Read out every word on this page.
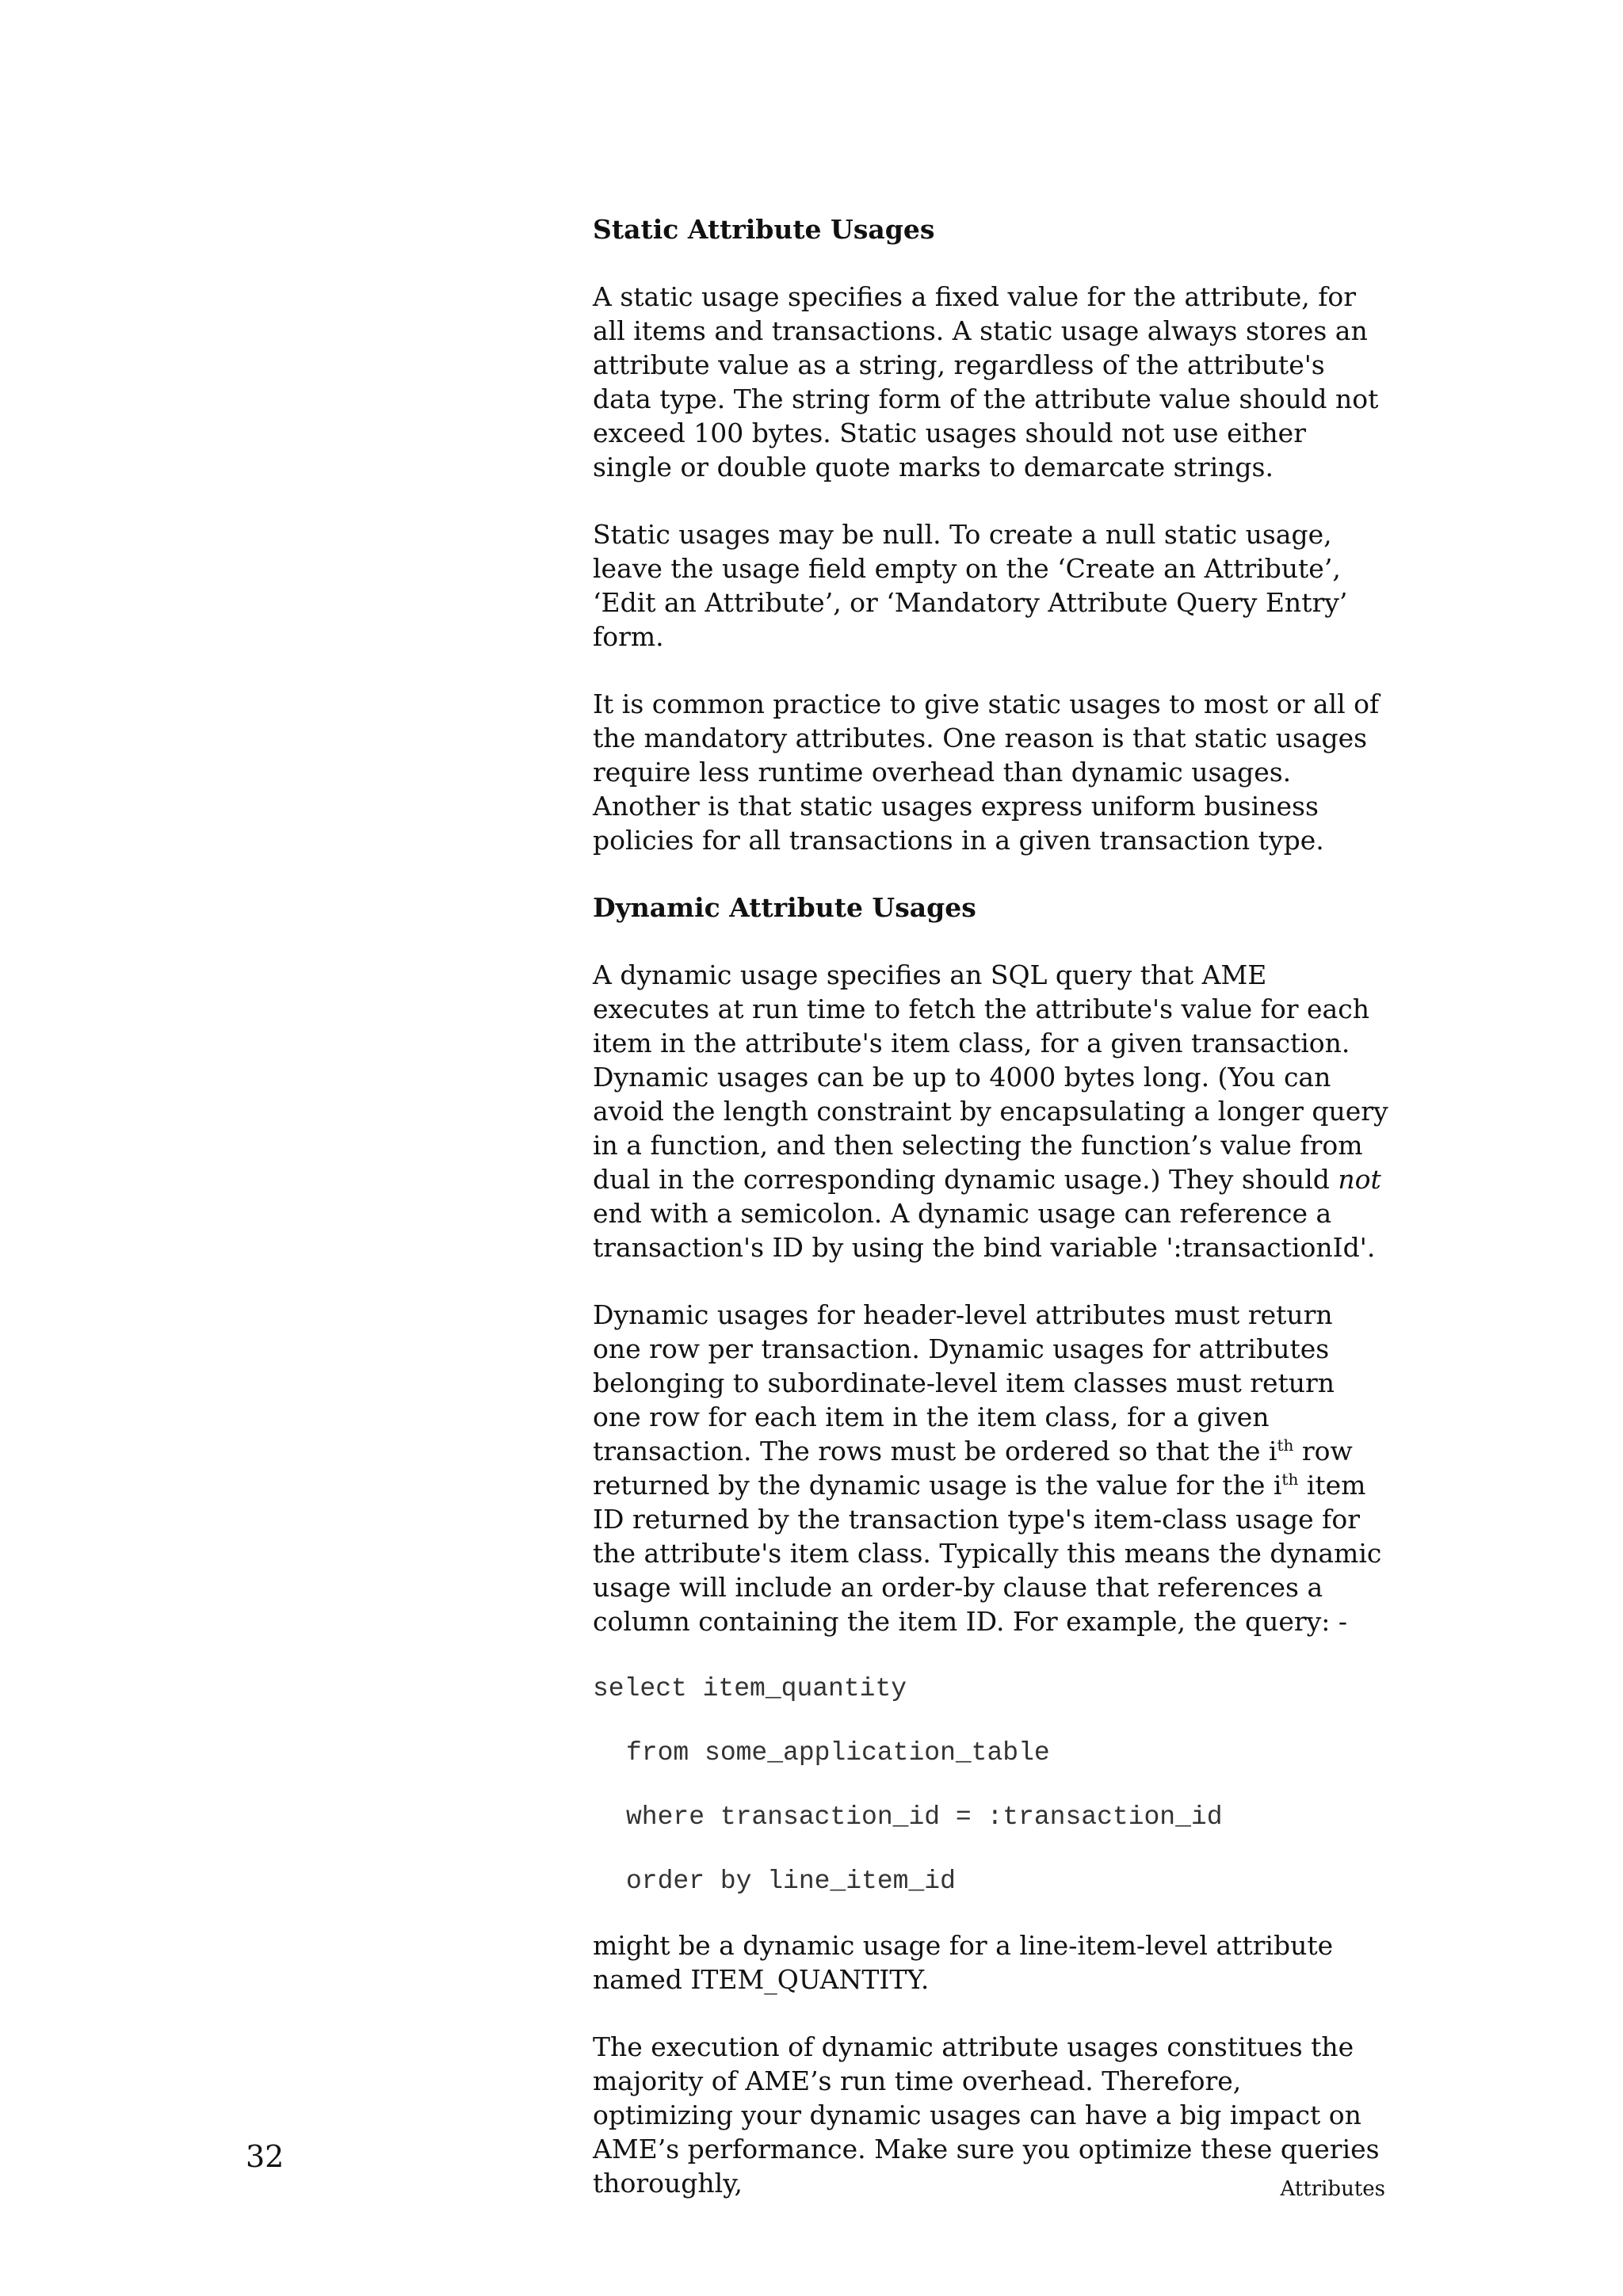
Static Attribute Usages

A static usage specifies a fixed value for the attribute, for all items and transactions. A static usage always stores an attribute value as a string, regardless of the attribute's data type. The string form of the attribute value should not exceed 100 bytes. Static usages should not use either single or double quote marks to demarcate strings.

Static usages may be null. To create a null static usage, leave the usage field empty on the ‘Create an Attribute’, ‘Edit an Attribute’, or ‘Mandatory Attribute Query Entry’ form.

It is common practice to give static usages to most or all of the mandatory attributes. One reason is that static usages require less runtime overhead than dynamic usages. Another is that static usages express uniform business policies for all transactions in a given transaction type.

Dynamic Attribute Usages

A dynamic usage specifies an SQL query that AME executes at run time to fetch the attribute's value for each item in the attribute's item class, for a given transaction. Dynamic usages can be up to 4000 bytes long. (You can avoid the length constraint by encapsulating a longer query in a function, and then selecting the function’s value from dual in the corresponding dynamic usage.) They should not end with a semicolon. A dynamic usage can reference a transaction's ID by using the bind variable ':transactionId'.

Dynamic usages for header-level attributes must return one row per transaction. Dynamic usages for attributes belonging to subordinate-level item classes must return one row for each item in the item class, for a given transaction. The rows must be ordered so that the $i^{th}$ row returned by the dynamic usage is the value for the $i^{th}$ item ID returned by the transaction type's item-class usage for the attribute's item class. Typically this means the dynamic usage will include an order-by clause that references a column containing the item ID. For example, the query: -

select item_quantity
from some_application_table
where transaction_id = :transaction_id
order by line_item_id

might be a dynamic usage for a line-item-level attribute named ITEM_QUANTITY.

The execution of dynamic attribute usages constitues the majority of AME’s run time overhead. Therefore, optimizing your dynamic usages can have a big impact on AME’s performance. Make sure you optimize these queries thoroughly,

32
Attributes
